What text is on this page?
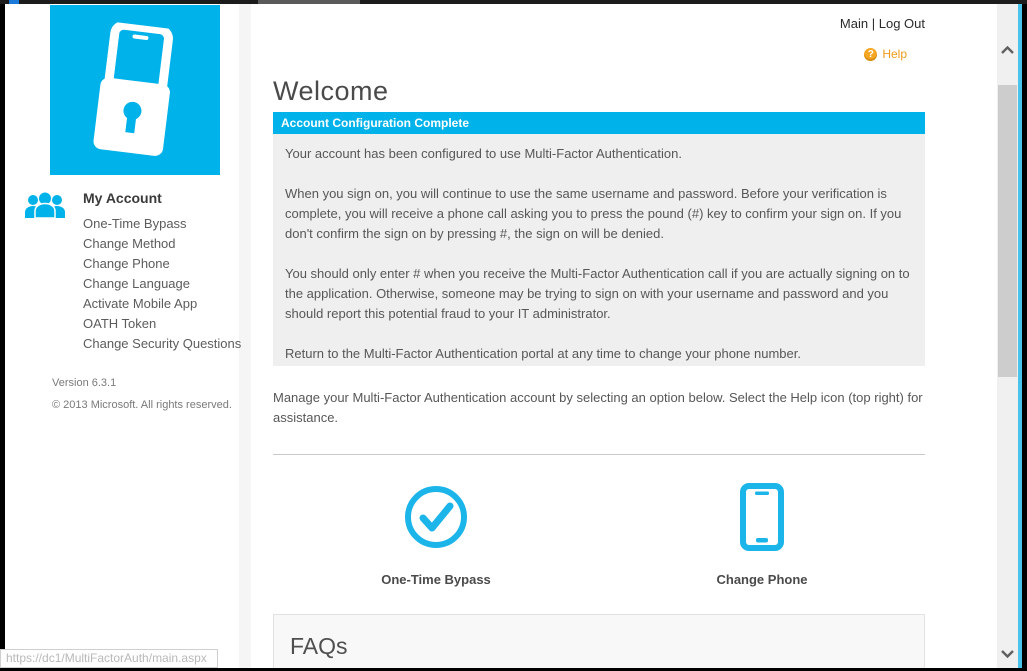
My Account
One-Time Bypass
Change Method
Change Phone
Change Language
Activate Mobile App
OATH Token
Change Security Questions
Version 6.3.1
© 2013 Microsoft. All rights reserved.
Main | Log Out
? Help
Welcome
Account Configuration Complete

Your account has been configured to use Multi-Factor Authentication.

When you sign on, you will continue to use the same username and password. Before your verification is complete, you will receive a phone call asking you to press the pound (#) key to confirm your sign on. If you don't confirm the sign on by pressing #, the sign on will be denied.

You should only enter # when you receive the Multi-Factor Authentication call if you are actually signing on to the application. Otherwise, someone may be trying to sign on with your username and password and you should report this potential fraud to your IT administrator.

Return to the Multi-Factor Authentication portal at any time to change your phone number.

Manage your Multi-Factor Authentication account by selecting an option below. Select the Help icon (top right) for assistance.
One-Time Bypass	Change Phone
FAQs
https://dc1/MultiFactorAuth/main.aspx
